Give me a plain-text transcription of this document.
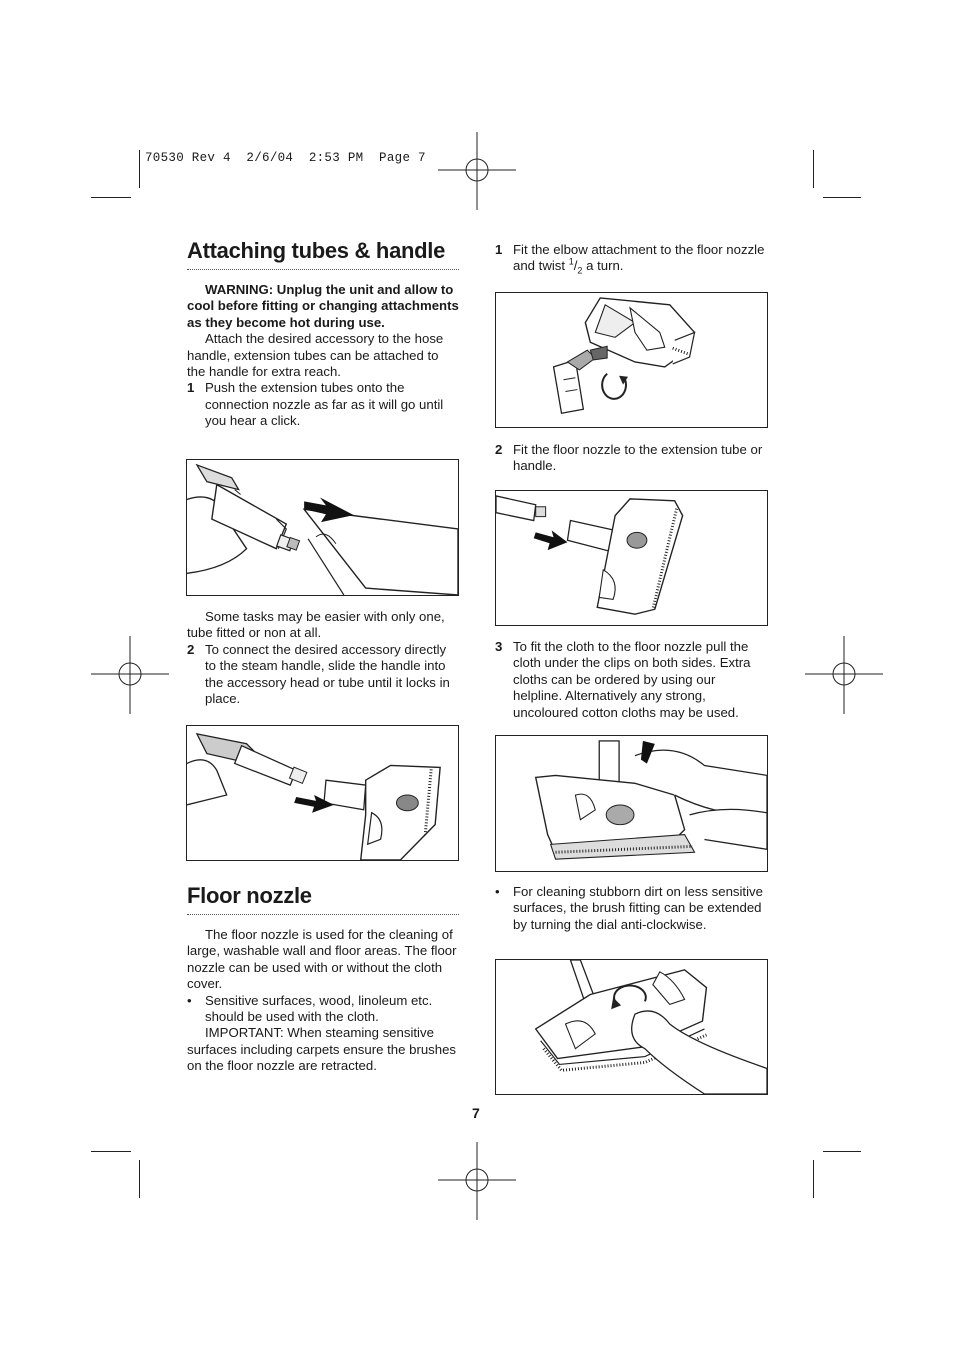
70530 Rev 4  2/6/04  2:53 PM  Page 7
Attaching tubes & handle
WARNING: Unplug the unit and allow to cool before fitting or changing attachments as they become hot during use.
Attach the desired accessory to the hose handle, extension tubes can be attached to the handle for extra reach.
1 Push the extension tubes onto the connection nozzle as far as it will go until you hear a click.
Some tasks may be easier with only one, tube fitted or non at all.
2 To connect the desired accessory directly to the steam handle, slide the handle into the accessory head or tube until it locks in place.
Floor nozzle
The floor nozzle is used for the cleaning of large, washable wall and floor areas. The floor nozzle can be used with or without the cloth cover.
• Sensitive surfaces, wood, linoleum etc. should be used with the cloth.
IMPORTANT: When steaming sensitive surfaces including carpets ensure the brushes on the floor nozzle are retracted.
1 Fit the elbow attachment to the floor nozzle and twist $^1/_2$ a turn.
2 Fit the floor nozzle to the extension tube or handle.
3 To fit the cloth to the floor nozzle pull the cloth under the clips on both sides. Extra cloths can be ordered by using our helpline. Alternatively any strong, uncoloured cotton cloths may be used.
• For cleaning stubborn dirt on less sensitive surfaces, the brush fitting can be extended by turning the dial anti-clockwise.
7
